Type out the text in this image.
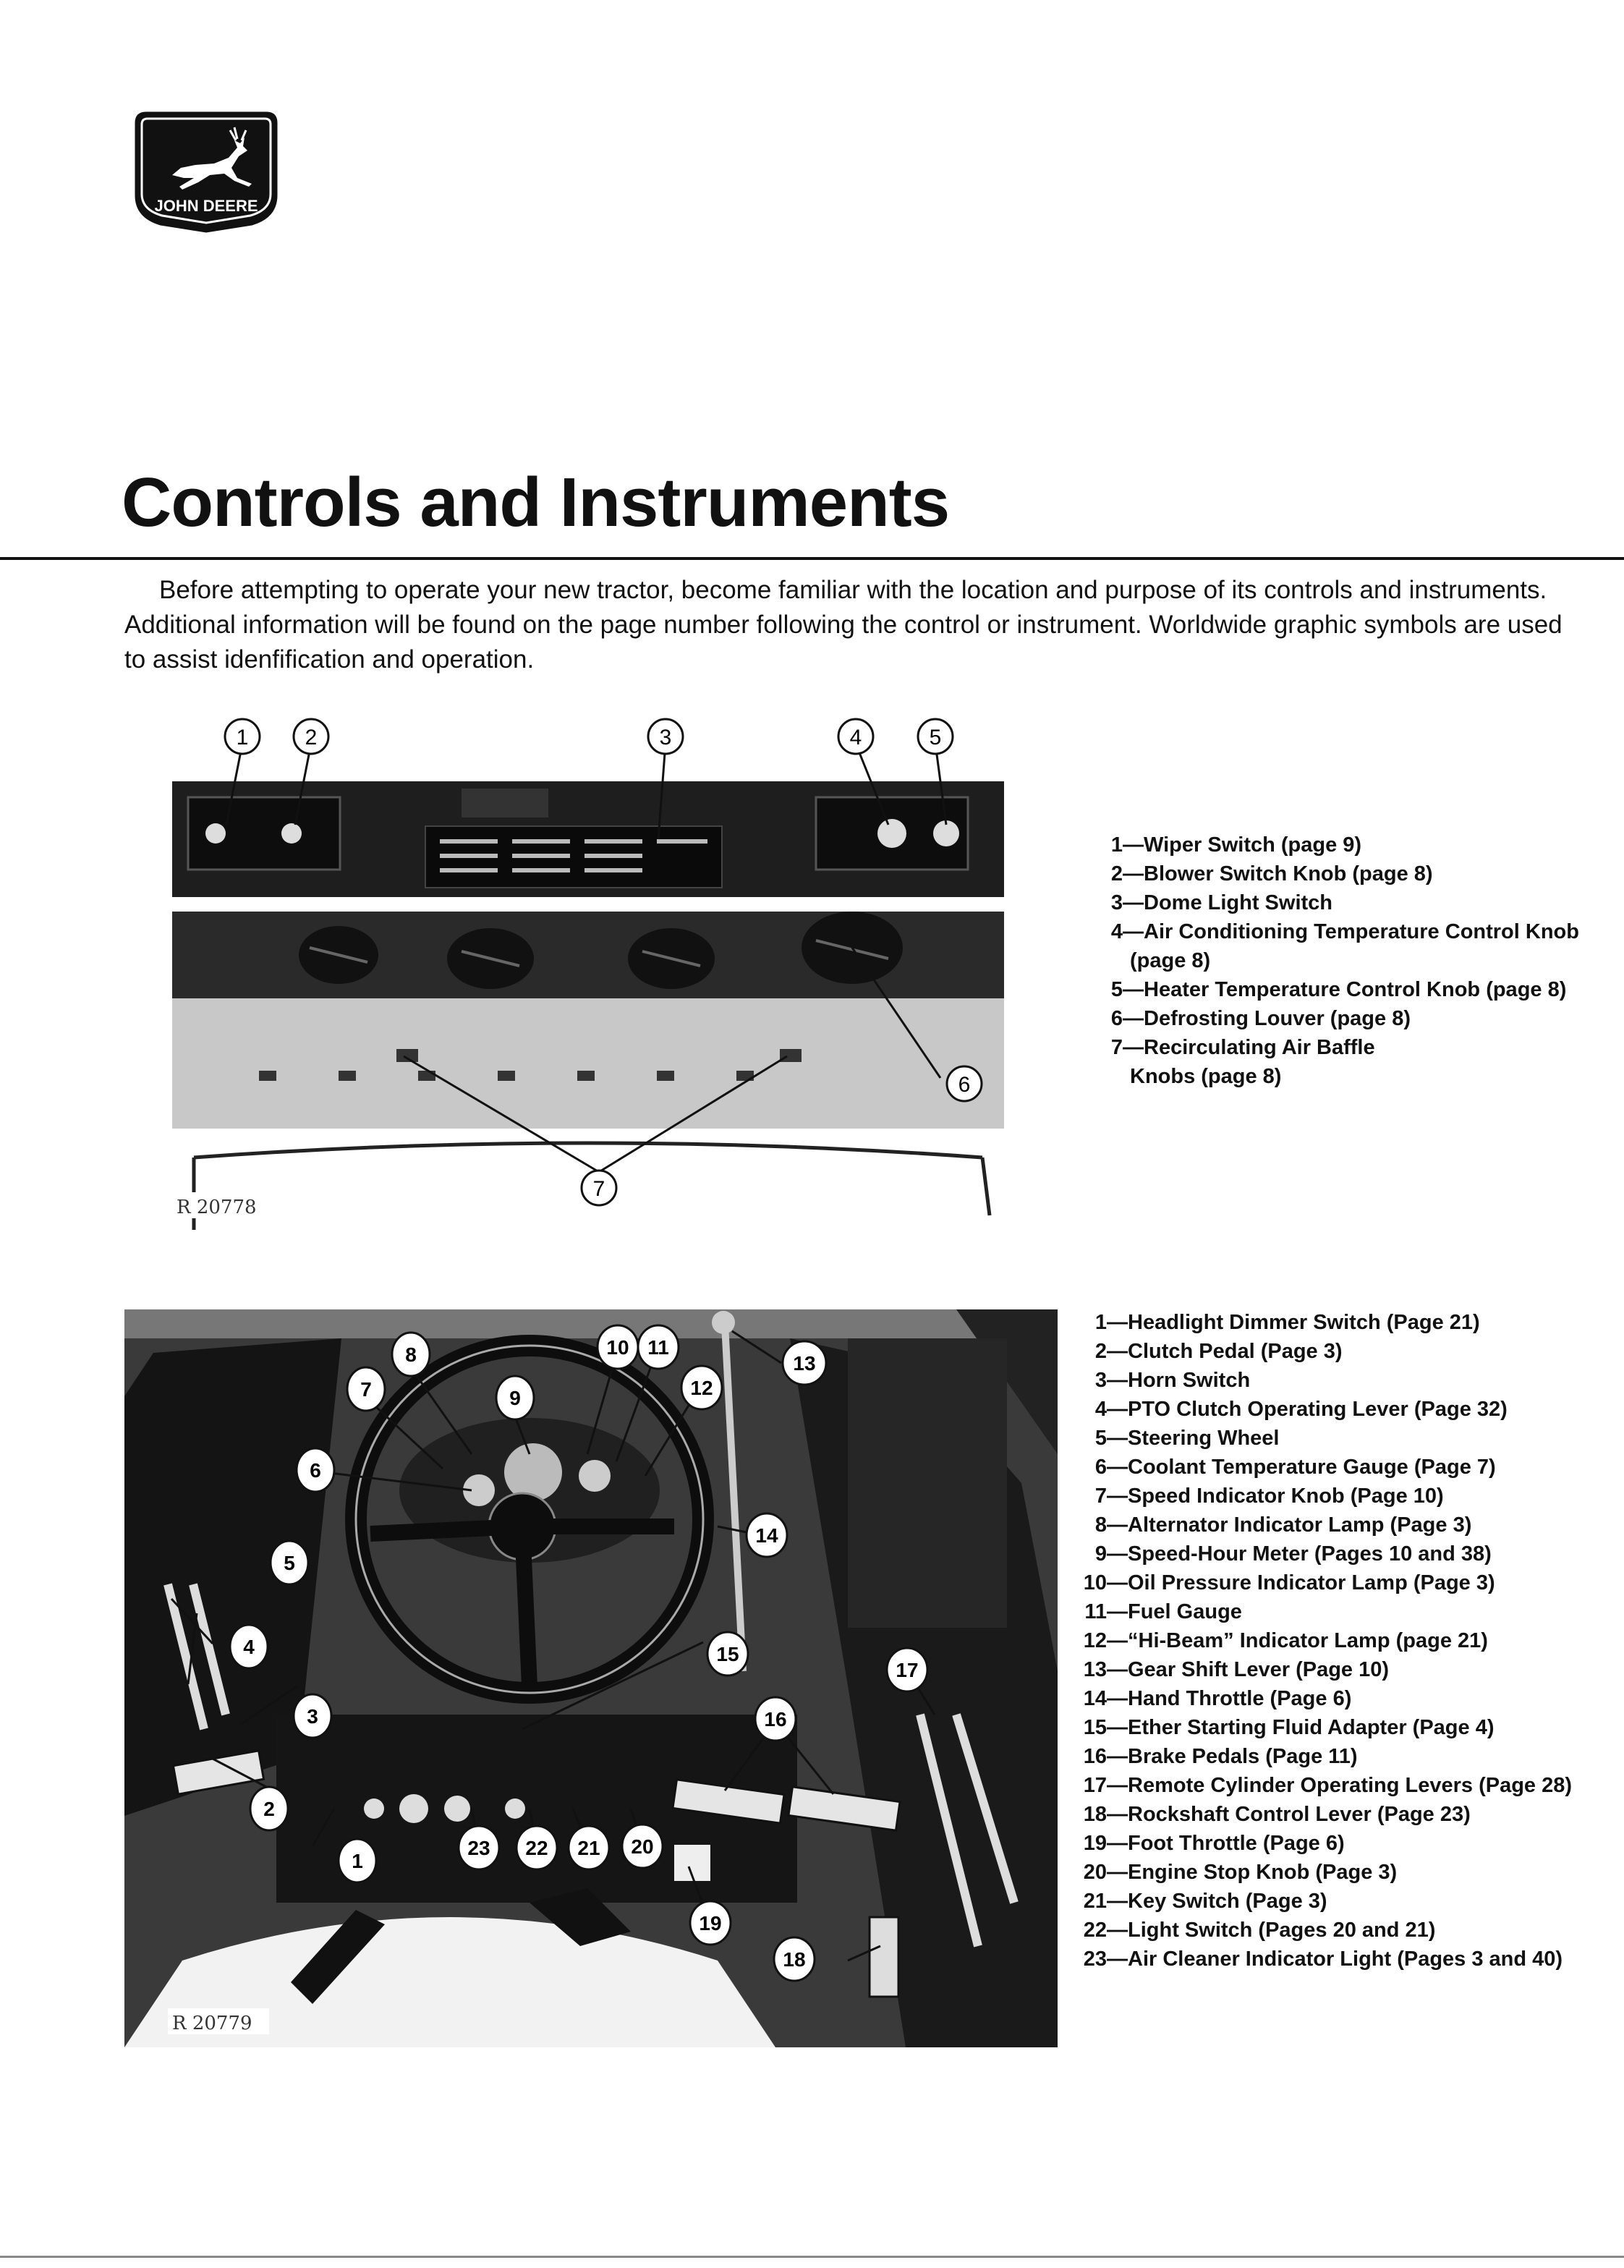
JOHN DEERE
Controls and Instruments

Before attempting to operate your new tractor, become familiar with the location and purpose of its controls and instruments. Additional information will be found on the page number following the control or instrument. Worldwide graphic symbols are used to assist idenfification and operation.

1	2	3	4	5
6
7
R 20778
1—Wiper Switch (page 9)
2—Blower Switch Knob (page 8)
3—Dome Light Switch
4—Air Conditioning Temperature Control Knob
(page 8)
5—Heater Temperature Control Knob (page 8)
6—Defrosting Louver (page 8)
7—Recirculating Air Baffle
Knobs (page 8)
1
2
3
4
5
6
7
8
9
10 11
12
13
14
15
16
17
18
19
20
21
22
23
R 20779
1—Headlight Dimmer Switch (Page 21)
2—Clutch Pedal (Page 3)
3—Horn Switch
4—PTO Clutch Operating Lever (Page 32)
5—Steering Wheel
6—Coolant Temperature Gauge (Page 7)
7—Speed Indicator Knob (Page 10)
8—Alternator Indicator Lamp (Page 3)
9—Speed-Hour Meter (Pages 10 and 38)
10—Oil Pressure Indicator Lamp (Page 3)
11—Fuel Gauge
12—“Hi-Beam” Indicator Lamp (page 21)
13—Gear Shift Lever (Page 10)
14—Hand Throttle (Page 6)
15—Ether Starting Fluid Adapter (Page 4)
16—Brake Pedals (Page 11)
17—Remote Cylinder Operating Levers (Page 28)
18—Rockshaft Control Lever (Page 23)
19—Foot Throttle (Page 6)
20—Engine Stop Knob (Page 3)
21—Key Switch (Page 3)
22—Light Switch (Pages 20 and 21)
23—Air Cleaner Indicator Light (Pages 3 and 40)
